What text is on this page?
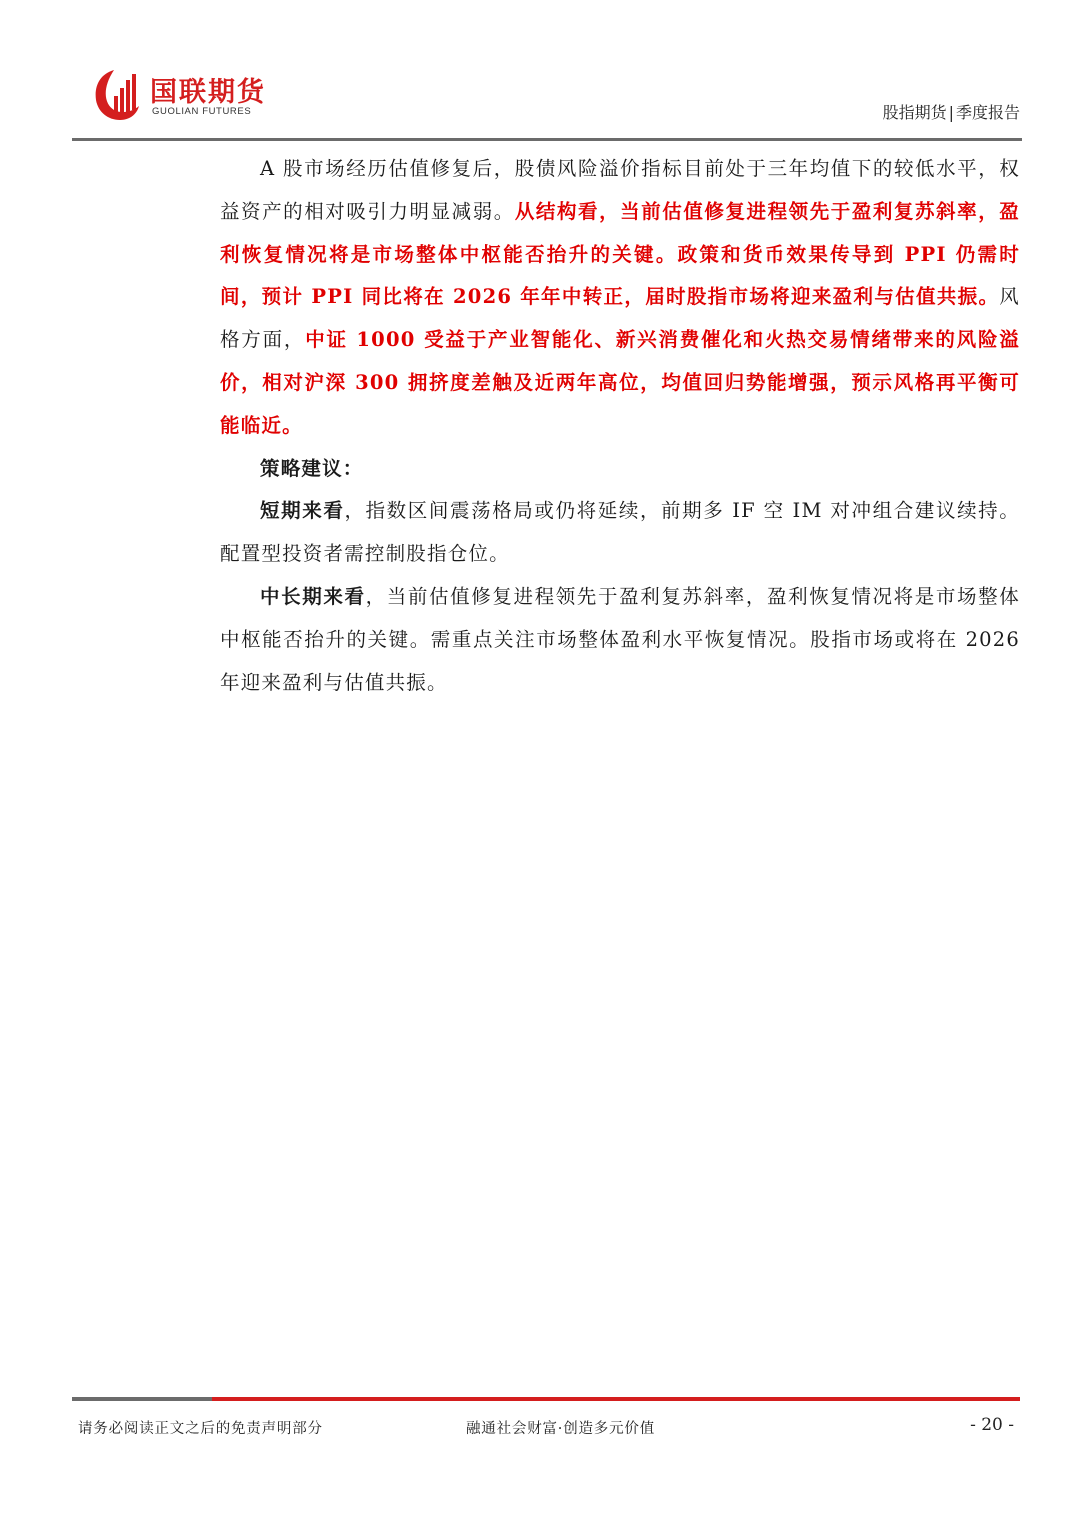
国联期货
GUOLIAN FUTURES	股指期货 | 季度报告

A 股市场经历估值修复后，股债风险溢价指标目前处于三年均值下的较低水平，权益资产的相对吸引力明显减弱。从结构看，当前估值修复进程领先于盈利复苏斜率，盈利恢复情况将是市场整体中枢能否抬升的关键。政策和货币效果传导到 PPI 仍需时间，预计 PPI 同比将在 2026 年年中转正，届时股指市场将迎来盈利与估值共振。风格方面，中证 1000 受益于产业智能化、新兴消费催化和火热交易情绪带来的风险溢价，相对沪深 300 拥挤度差触及近两年高位，均值回归势能增强，预示风格再平衡可能临近。

策略建议：

短期来看，指数区间震荡格局或仍将延续，前期多 IF 空 IM 对冲组合建议续持。配置型投资者需控制股指仓位。

中长期来看，当前估值修复进程领先于盈利复苏斜率，盈利恢复情况将是市场整体中枢能否抬升的关键。需重点关注市场整体盈利水平恢复情况。股指市场或将在 2026 年迎来盈利与估值共振。

请务必阅读正文之后的免责声明部分	融通社会财富·创造多元价值	- 20 -
